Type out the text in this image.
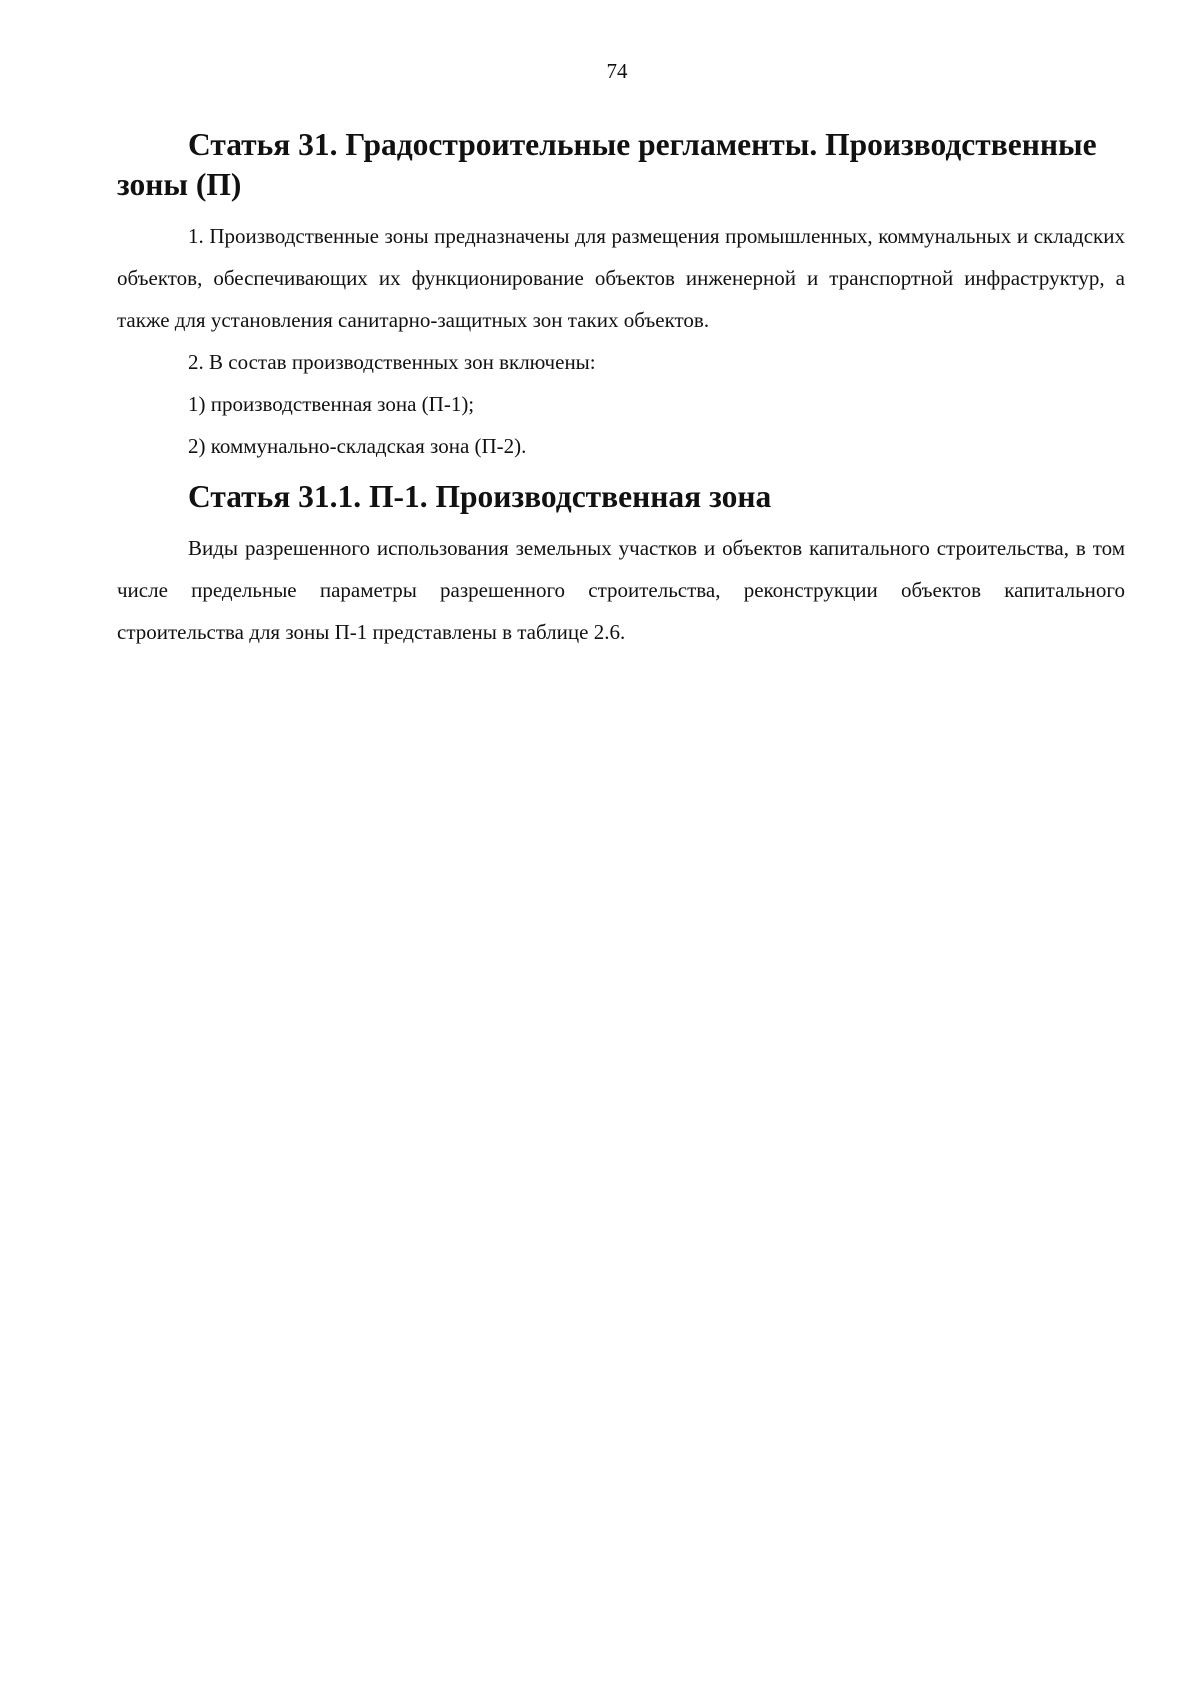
74
Статья 31. Градостроительные регламенты. Производственные зоны (П)

1. Производственные зоны предназначены для размещения промышленных, коммунальных и складских объектов, обеспечивающих их функционирование объектов инженерной и транспортной инфраструктур, а также для установления санитарно-защитных зон таких объектов.

2. В состав производственных зон включены:

1) производственная зона (П-1);

2) коммунально-складская зона (П-2).

Статья 31.1. П-1. Производственная зона

Виды разрешенного использования земельных участков и объектов капитального строительства, в том числе предельные параметры разрешенного строительства, реконструкции объектов капитального строительства для зоны П-1 представлены в таблице 2.6.
